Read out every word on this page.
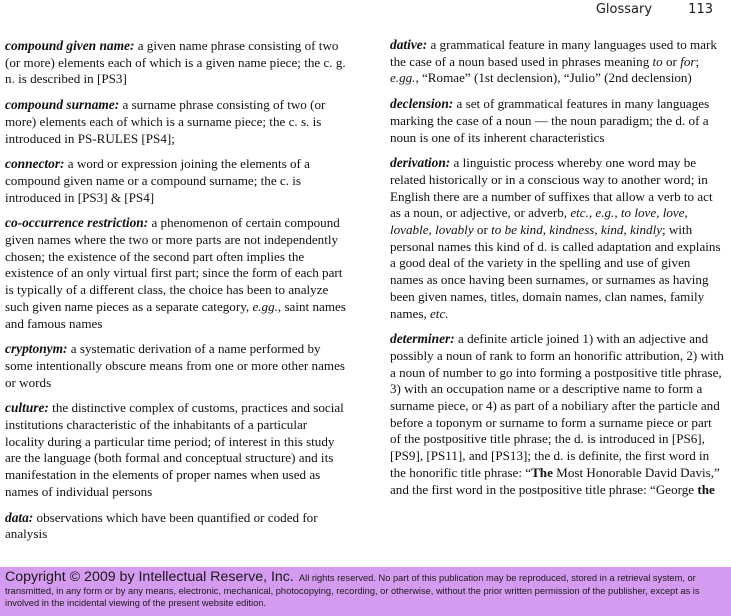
Glossary	113

compound given name: a given name phrase consisting of two (or more) elements each of which is a given name piece; the c. g. n. is described in [PS3]

compound surname: a surname phrase consisting of two (or more) elements each of which is a surname piece; the c. s. is introduced in PS-RULES [PS4];

connector: a word or expression joining the elements of a compound given name or a compound surname; the c. is introduced in [PS3] & [PS4]

co-occurrence restriction: a phenomenon of certain compound given names where the two or more parts are not independently chosen; the existence of the second part often implies the existence of an only virtual first part; since the form of each part is typically of a different class, the choice has been to analyze such given name pieces as a separate category, e.gg., saint names and famous names

cryptonym: a systematic derivation of a name performed by some intentionally obscure means from one or more other names or words

culture: the distinctive complex of customs, practices and social institutions characteristic of the inhabitants of a particular locality during a particular time period; of interest in this study are the language (both formal and conceptual structure) and its manifestation in the elements of proper names when used as names of individual persons

data: observations which have been quantified or coded for analysis

dative: a grammatical feature in many languages used to mark the case of a noun based used in phrases meaning to or for; e.gg., “Romae” (1st declension), “Julio” (2nd declension)

declension: a set of grammatical features in many languages marking the case of a noun — the noun paradigm; the d. of a noun is one of its inherent characteristics

derivation: a linguistic process whereby one word may be related historically or in a conscious way to another word; in English there are a number of suffixes that allow a verb to act as a noun, or adjective, or adverb, etc., e.g., to love, love, lovable, lovably or to be kind, kindness, kind, kindly; with personal names this kind of d. is called adaptation and explains a good deal of the variety in the spelling and use of given names as once having been surnames, or surnames as having been given names, titles, domain names, clan names, family names, etc.

determiner: a definite article joined 1) with an adjective and possibly a noun of rank to form an honorific attribution, 2) with a noun of number to go into forming a postpositive title phrase, 3) with an occupation name or a descriptive name to form a surname piece, or 4) as part of a nobiliary after the particle and before a toponym or surname to form a surname piece or part of the postpositive title phrase; the d. is introduced in [PS6], [PS9], [PS11], and [PS13]; the d. is definite, the first word in the honorific title phrase: “The Most Honorable David Davis,” and the first word in the postpositive title phrase: “George the

Copyright © 2009 by Intellectual Reserve, Inc. All rights reserved. No part of this publication may be reproduced, stored in a retrieval system, or transmitted, in any form or by any means, electronic, mechanical, photocopying, recording, or otherwise, without the prior written permission of the publisher, except as is involved in the incidental viewing of the present website edition.
